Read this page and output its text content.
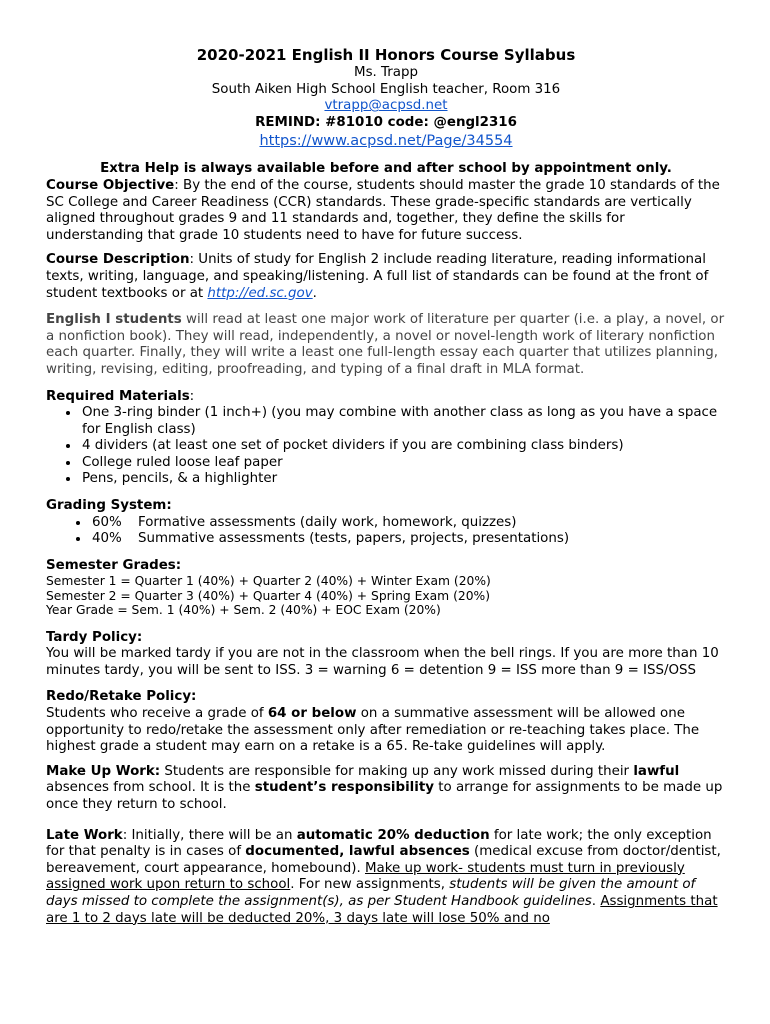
2020-2021 English II Honors Course Syllabus
Ms. Trapp
South Aiken High School English teacher, Room 316
vtrapp@acpsd.net
REMIND: #81010 code: @engl2316
https://www.acpsd.net/Page/34554

Extra Help is always available before and after school by appointment only.

Course Objective: By the end of the course, students should master the grade 10 standards of the SC College and Career Readiness (CCR) standards. These grade-specific standards are vertically aligned throughout grades 9 and 11 standards and, together, they define the skills for understanding that grade 10 students need to have for future success.

Course Description: Units of study for English 2 include reading literature, reading informational texts, writing, language, and speaking/listening. A full list of standards can be found at the front of student textbooks or at http://ed.sc.gov.

English I students will read at least one major work of literature per quarter (i.e. a play, a novel, or a nonfiction book). They will read, independently, a novel or novel-length work of literary nonfiction each quarter. Finally, they will write a least one full-length essay each quarter that utilizes planning, writing, revising, editing, proofreading, and typing of a final draft in MLA format.

Required Materials:

• One 3-ring binder (1 inch+) (you may combine with another class as long as you have a space for English class)
• 4 dividers (at least one set of pocket dividers if you are combining class binders)
• College ruled loose leaf paper
• Pens, pencils, & a highlighter

Grading System:

• 60% Formative assessments (daily work, homework, quizzes)
• 40% Summative assessments (tests, papers, projects, presentations)

Semester Grades:

Semester 1 = Quarter 1 (40%) + Quarter 2 (40%) + Winter Exam (20%)
Semester 2 = Quarter 3 (40%) + Quarter 4 (40%) + Spring Exam (20%)
Year Grade = Sem. 1 (40%) + Sem. 2 (40%) + EOC Exam (20%)

Tardy Policy:

You will be marked tardy if you are not in the classroom when the bell rings. If you are more than 10 minutes tardy, you will be sent to ISS. 3 = warning 6 = detention 9 = ISS more than 9 = ISS/OSS

Redo/Retake Policy:

Students who receive a grade of 64 or below on a summative assessment will be allowed one opportunity to redo/retake the assessment only after remediation or re-teaching takes place. The highest grade a student may earn on a retake is a 65. Re-take guidelines will apply.

Make Up Work: Students are responsible for making up any work missed during their lawful absences from school. It is the student’s responsibility to arrange for assignments to be made up once they return to school.

Late Work: Initially, there will be an automatic 20% deduction for late work; the only exception for that penalty is in cases of documented, lawful absences (medical excuse from doctor/dentist, bereavement, court appearance, homebound). Make up work- students must turn in previously assigned work upon return to school. For new assignments, students will be given the amount of days missed to complete the assignment(s), as per Student Handbook guidelines. Assignments that are 1 to 2 days late will be deducted 20%, 3 days late will lose 50% and no
